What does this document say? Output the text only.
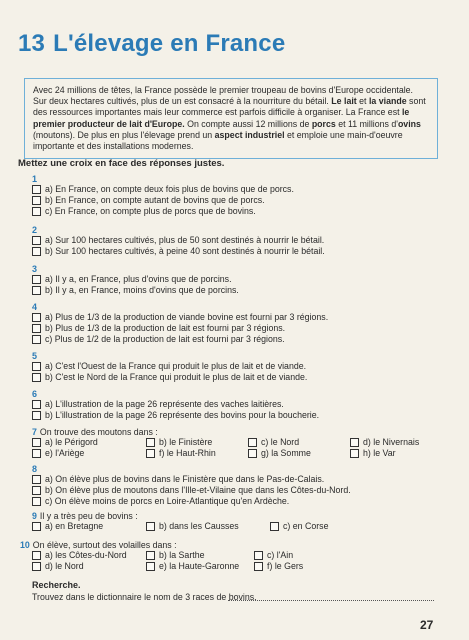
13 L'élevage en France
Avec 24 millions de têtes, la France possède le premier troupeau de bovins d'Europe occidentale. Sur deux hectares cultivés, plus de un est consacré à la nourriture du bétail. Le lait et la viande sont des ressources importantes mais leur commerce est parfois difficile à organiser. La France est le premier producteur de lait d'Europe. On compte aussi 12 millions de porcs et 11 millions d'ovins (moutons). De plus en plus l'élevage prend un aspect industriel et emploie une main-d'oeuvre importante et des installations modernes.
Mettez une croix en face des réponses justes.
1
a) En France, on compte deux fois plus de bovins que de porcs.
b) En France, on compte autant de bovins que de porcs.
c) En France, on compte plus de porcs que de bovins.
2
a) Sur 100 hectares cultivés, plus de 50 sont destinés à nourrir le bétail.
b) Sur 100 hectares cultivés, à peine 40 sont destinés à nourrir le bétail.
3
a) Il y a, en France, plus d'ovins que de porcins.
b) Il y a, en France, moins d'ovins que de porcins.
4
a) Plus de 1/3 de la production de viande bovine est fourni par 3 régions.
b) Plus de 1/3 de la production de lait est fourni par 3 régions.
c) Plus de 1/2 de la production de lait est fourni par 3 régions.
5
a) C'est l'Ouest de la France qui produit le plus de lait et de viande.
b) C'est le Nord de la France qui produit le plus de lait et de viande.
6
a) L'illustration de la page 26 représente des vaches laitières.
b) L'illustration de la page 26 représente des bovins pour la boucherie.
7 On trouve des moutons dans :
a) le Périgord	b) le Finistère	c) le Nord	d) le Nivernais
e) l'Ariège	f) le Haut-Rhin	g) la Somme	h) le Var
8
a) On élève plus de bovins dans le Finistère que dans le Pas-de-Calais.
b) On élève plus de moutons dans l'Ille-et-Vilaine que dans les Côtes-du-Nord.
c) On élève moins de porcs en Loire-Atlantique qu'en Ardèche.
9 Il y a très peu de bovins :
a) en Bretagne	b) dans les Causses	c) en Corse
10 On élève, surtout des volailles dans :
a) les Côtes-du-Nord	b) la Sarthe	c) l'Ain
d) le Nord	e) la Haute-Garonne	f) le Gers
Recherche.
Trouvez dans le dictionnaire le nom de 3 races de bovins.
27
